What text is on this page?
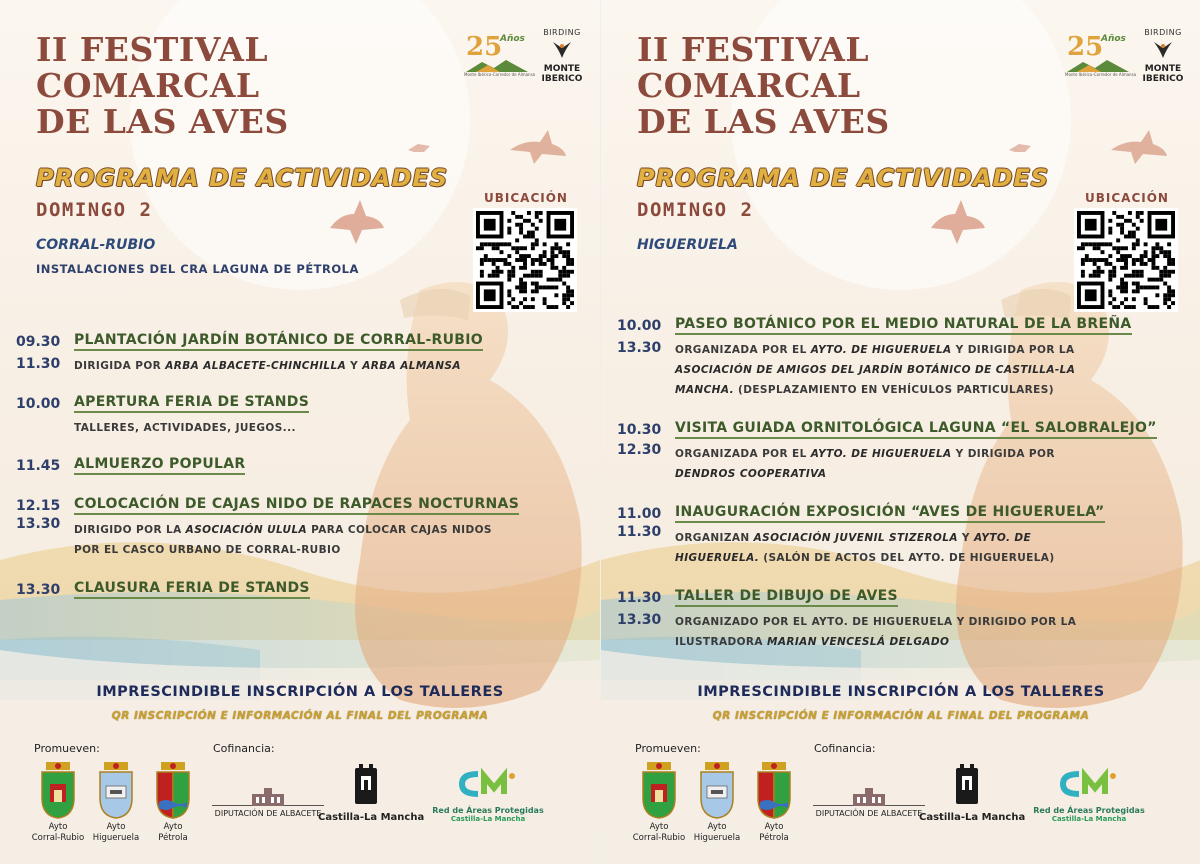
II FESTIVAL
COMARCAL
DE LAS AVES
25
Años
Monte Ibérico-Corredor de Almansa
BIRDING
MONTE
IBERICO
PROGRAMA DE ACTIVIDADES
DOMINGO 2
CORRAL-RUBIO
INSTALACIONES DEL CRA LAGUNA DE PÉTROLA
UBICACIÓN
09.30
11.30
PLANTACIÓN JARDÍN BOTÁNICO DE CORRAL-RUBIO
DIRIGIDA POR ARBA ALBACETE-CHINCHILLA Y ARBA ALMANSA
10.00 APERTURA FERIA DE STANDS
TALLERES, ACTIVIDADES, JUEGOS...
11.45 ALMUERZO POPULAR
12.15
13.30
COLOCACIÓN DE CAJAS NIDO DE RAPACES NOCTURNAS
DIRIGIDO POR LA ASOCIACIÓN ULULA PARA COLOCAR CAJAS NIDOS
POR EL CASCO URBANO DE CORRAL-RUBIO
13.30 CLAUSURA FERIA DE STANDS
IMPRESCINDIBLE INSCRIPCIÓN A LOS TALLERES
QR INSCRIPCIÓN E INFORMACIÓN AL FINAL DEL PROGRAMA
Promueven:	Cofinancia:
Ayto
Corral-Rubio
Ayto
Higueruela
Ayto
Pétrola
DIPUTACIÓN DE ALBACETE
Castilla-La Mancha
Red de Áreas Protegidas
Castilla-La Mancha
II FESTIVAL
COMARCAL
DE LAS AVES
25
Años
Monte Ibérico-Corredor de Almansa
BIRDING
MONTE
IBERICO
PROGRAMA DE ACTIVIDADES
DOMINGO 2
HIGUERUELA
UBICACIÓN
10.00
13.30
PASEO BOTÁNICO POR EL MEDIO NATURAL DE LA BREÑA
ORGANIZADA POR EL AYTO. DE HIGUERUELA Y DIRIGIDA POR LA
ASOCIACIÓN DE AMIGOS DEL JARDÍN BOTÁNICO DE CASTILLA-LA
MANCHA. (DESPLAZAMIENTO EN VEHÍCULOS PARTICULARES)
10.30
12.30
VISITA GUIADA ORNITOLÓGICA LAGUNA “EL SALOBRALEJO”
ORGANIZADA POR EL AYTO. DE HIGUERUELA Y DIRIGIDA POR
DENDROS COOPERATIVA
11.00
11.30
INAUGURACIÓN EXPOSICIÓN “AVES DE HIGUERUELA”
ORGANIZAN ASOCIACIÓN JUVENIL STIZEROLA Y AYTO. DE
HIGUERUELA. (SALÓN DE ACTOS DEL AYTO. DE HIGUERUELA)
11.30
13.30
TALLER DE DIBUJO DE AVES
ORGANIZADO POR EL AYTO. DE HIGUERUELA Y DIRIGIDO POR LA
ILUSTRADORA MARIAN VENCESLÁ DELGADO
IMPRESCINDIBLE INSCRIPCIÓN A LOS TALLERES
QR INSCRIPCIÓN E INFORMACIÓN AL FINAL DEL PROGRAMA
Promueven:	Cofinancia:
Ayto
Corral-Rubio
Ayto
Higueruela
Ayto
Pétrola
DIPUTACIÓN DE ALBACETE
Castilla-La Mancha
Red de Áreas Protegidas
Castilla-La Mancha
